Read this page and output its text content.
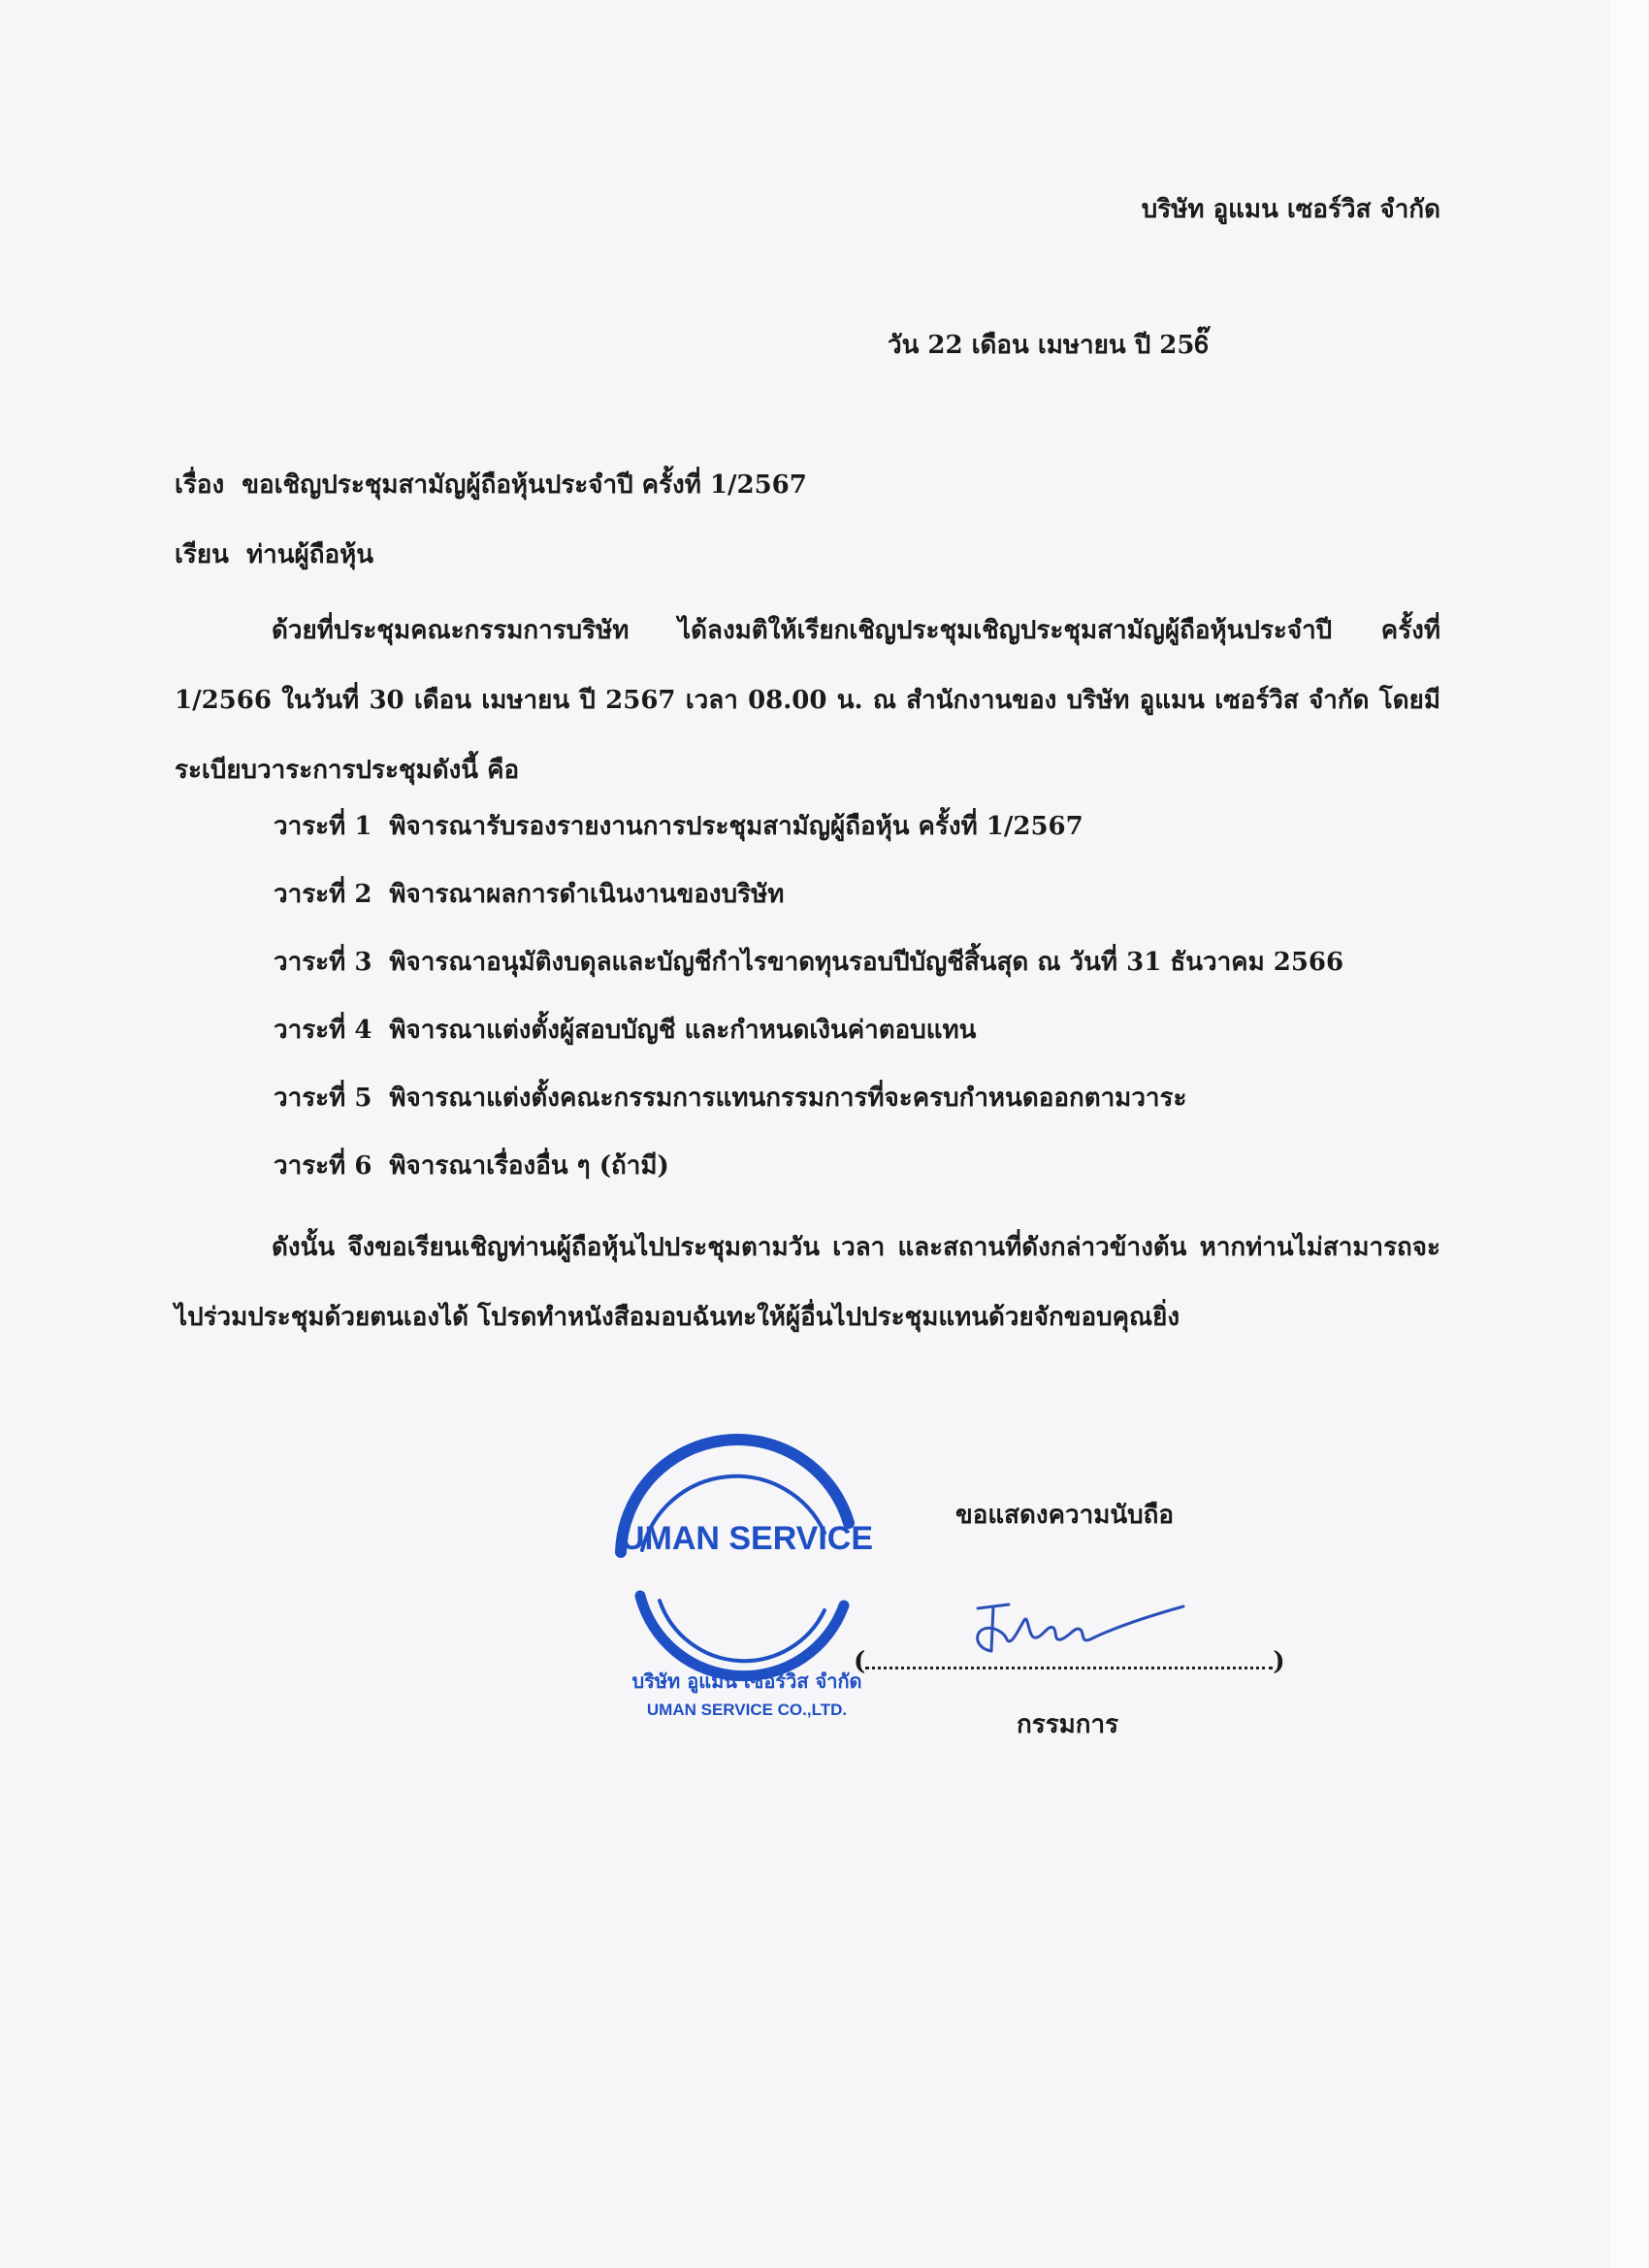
บริษัท อูแมน เซอร์วิส จำกัด
วัน 22 เดือน เมษายน ปี 256๊
เรื่อง ขอเชิญประชุมสามัญผู้ถือหุ้นประจำปี ครั้งที่ 1/2567
เรียน ท่านผู้ถือหุ้น
ด้วยที่ประชุมคณะกรรมการบริษัท ได้ลงมติให้เรียกเชิญประชุมเชิญประชุมสามัญผู้ถือหุ้นประจำปี ครั้งที่ 1/2566 ในวันที่ 30 เดือน เมษายน ปี 2567 เวลา 08.00 น. ณ สำนักงานของ บริษัท อูแมน เซอร์วิส จำกัด โดยมีระเบียบวาระการประชุมดังนี้ คือ
วาระที่ 1 พิจารณารับรองรายงานการประชุมสามัญผู้ถือหุ้น ครั้งที่ 1/2567
วาระที่ 2 พิจารณาผลการดำเนินงานของบริษัท
วาระที่ 3 พิจารณาอนุมัติงบดุลและบัญชีกำไรขาดทุนรอบปีบัญชีสิ้นสุด ณ วันที่ 31 ธันวาคม 2566
วาระที่ 4 พิจารณาแต่งตั้งผู้สอบบัญชี และกำหนดเงินค่าตอบแทน
วาระที่ 5 พิจารณาแต่งตั้งคณะกรรมการแทนกรรมการที่จะครบกำหนดออกตามวาระ
วาระที่ 6 พิจารณาเรื่องอื่น ๆ (ถ้ามี)
ดังนั้น จึงขอเรียนเชิญท่านผู้ถือหุ้นไปประชุมตามวัน เวลา และสถานที่ดังกล่าวข้างต้น หากท่านไม่สามารถจะไปร่วมประชุมด้วยตนเองได้ โปรดทำหนังสือมอบฉันทะให้ผู้อื่นไปประชุมแทนด้วยจักขอบคุณยิ่ง
ขอแสดงความนับถือ
UMAN SERVICE
บริษัท อูแมน เซอร์วิส จำกัด
UMAN SERVICE CO.,LTD.
(	)
กรรมการ
